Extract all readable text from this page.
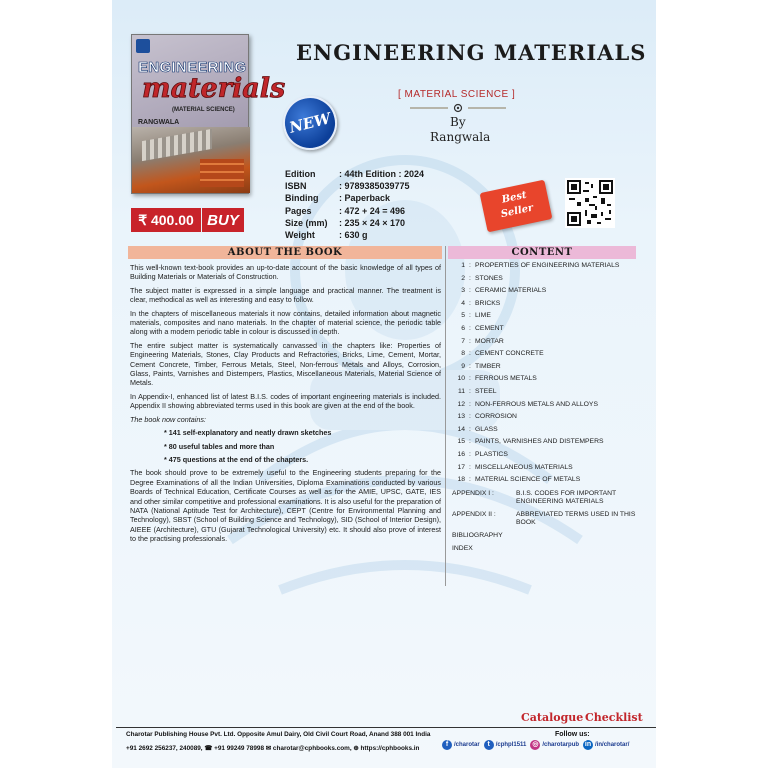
ENGINEERING
materials
(MATERIAL SCIENCE)
RANGWALA
₹ 400.00 BUY
ENGINEERING MATERIALS
[ MATERIAL SCIENCE ]
By
Rangwala
NEW
Edition	: 44th Edition : 2024
ISBN	: 9789385039775
Binding	: Paperback
Pages	: 472 + 24 = 496
Size (mm)	: 235 × 24 × 170
Weight	: 630 g
Best
Seller
ABOUT THE BOOK	CONTENT

This well-known text-book provides an up-to-date account of the basic knowledge of all types of Building Materials or Materials of Construction.

The subject matter is expressed in a simple language and practical manner. The treatment is clear, methodical as well as interesting and easy to follow.

In the chapters of miscellaneous materials it now contains, detailed information about magnetic materials, composites and nano materials. In the chapter of material science, the periodic table along with a modern periodic table in colour is discussed in depth.

The entire subject matter is systematically canvassed in the chapters like: Properties of Engineering Materials, Stones, Clay Products and Refractories, Bricks, Lime, Cement, Mortar, Cement Concrete, Timber, Ferrous Metals, Steel, Non-ferrous Metals and Alloys, Corrosion, Glass, Paints, Varnishes and Distempers, Plastics, Miscellaneous Materials, Material Science of Metals.

In Appendix-I, enhanced list of latest B.I.S. codes of important engineering materials is included. Appendix II showing abbreviated terms used in this book are given at the end of the book.

The book now contains:

* 141 self-explanatory and neatly drawn sketches
* 80 useful tables and more than
* 475 questions at the end of the chapters.

The book should prove to be extremely useful to the Engineering students preparing for the Degree Examinations of all the Indian Universities, Diploma Examinations conducted by various Boards of Technical Education, Certificate Courses as well as for the AMIE, UPSC, GATE, IES and other similar competitive and professional examinations. It is also useful for the preparation of NATA (National Aptitude Test for Architecture), CEPT (Centre for Environmental Planning and Technology), SBST (School of Building Science and Technology), SID (School of Interior Design), AIEEE (Architecture), GTU (Gujarat Technological University) etc. It should also prove of interest to the practising professionals.

1 : PROPERTIES OF ENGINEERING MATERIALS
2 : STONES
3 : CERAMIC MATERIALS
4 : BRICKS
5 : LIME
6 : CEMENT
7 : MORTAR
8 : CEMENT CONCRETE
9 : TIMBER
10 : FERROUS METALS
11 : STEEL
12 : NON-FERROUS METALS AND ALLOYS
13 : CORROSION
14 : GLASS
15 : PAINTS, VARNISHES AND DISTEMPERS
16 : PLASTICS
17 : MISCELLANEOUS MATERIALS
18 : MATERIAL SCIENCE OF METALS
APPENDIX I :	B.I.S. CODES FOR IMPORTANT ENGINEERING MATERIALS
APPENDIX II :	ABBREVIATED TERMS USED IN THIS BOOK
BIBLIOGRAPHY
INDEX
Catalogue Checklist
Charotar Publishing House Pvt. Ltd. Opposite Amul Dairy, Old Civil Court Road, Anand 388 001 India
+91 2692 256237, 240089, ☎ +91 99249 78998 ✉ charotar@cphbooks.com, ⊕ https://cphbooks.in
Follow us:
f /charotar	t /cphpl1511 ◎ /charotarpub in /in/charotar/
